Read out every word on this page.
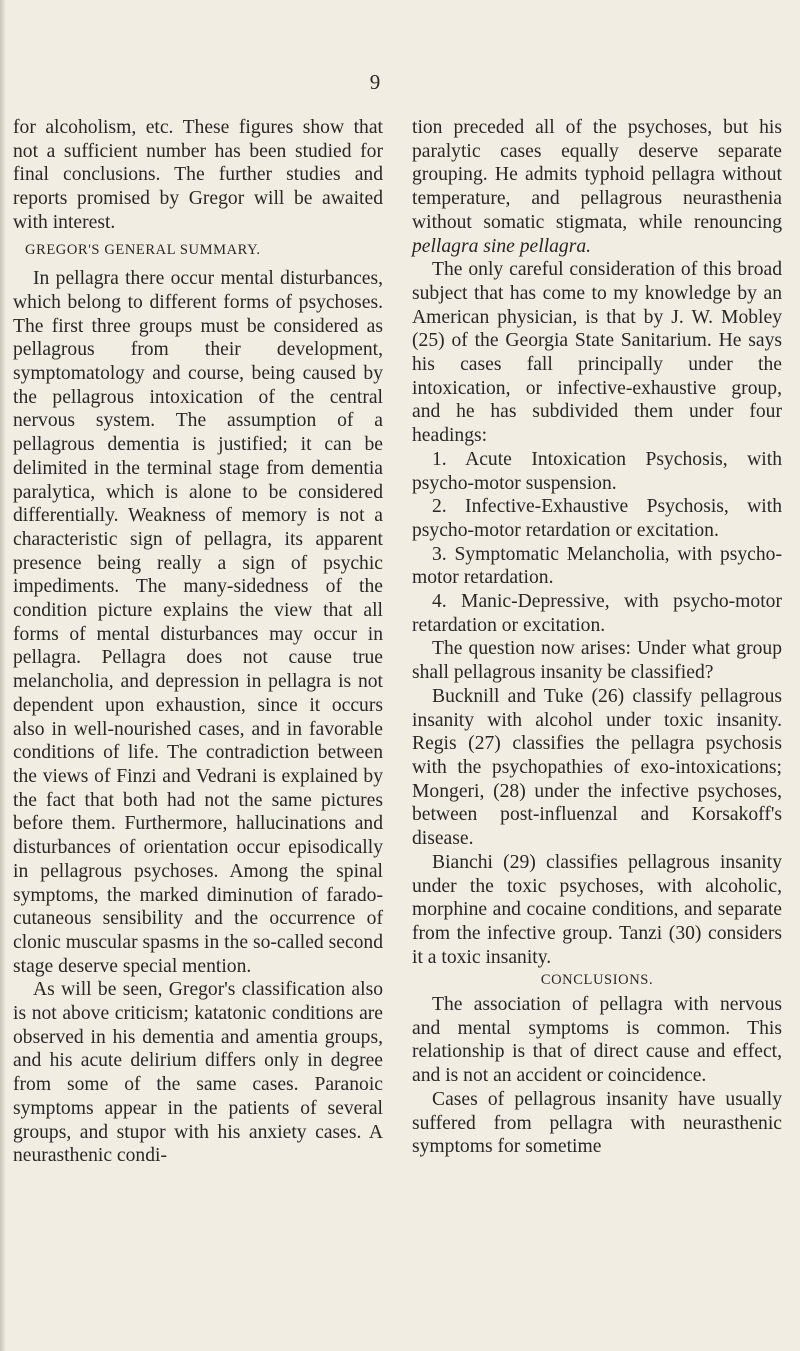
9

for alcoholism, etc. These figures show that not a sufficient number has been studied for final conclusions. The further studies and reports promised by Gregor will be awaited with interest.

GREGOR'S GENERAL SUMMARY.

In pellagra there occur mental disturbances, which belong to different forms of psychoses. The first three groups must be considered as pellagrous from their development, symptomatology and course, being caused by the pellagrous intoxication of the central nervous system. The assumption of a pellagrous dementia is justified; it can be delimited in the terminal stage from dementia paralytica, which is alone to be considered differentially. Weakness of memory is not a characteristic sign of pellagra, its apparent presence being really a sign of psychic impediments. The many-sidedness of the condition picture explains the view that all forms of mental disturbances may occur in pellagra. Pellagra does not cause true melancholia, and depression in pellagra is not dependent upon exhaustion, since it occurs also in well-nourished cases, and in favorable conditions of life. The contradiction between the views of Finzi and Vedrani is explained by the fact that both had not the same pictures before them. Furthermore, hallucinations and disturbances of orientation occur episodically in pellagrous psychoses. Among the spinal symptoms, the marked diminution of farado-cutaneous sensibility and the occurrence of clonic muscular spasms in the so-called second stage deserve special mention.

As will be seen, Gregor's classification also is not above criticism; katatonic conditions are observed in his dementia and amentia groups, and his acute delirium differs only in degree from some of the same cases. Paranoic symptoms appear in the patients of several groups, and stupor with his anxiety cases. A neurasthenic condi-

tion preceded all of the psychoses, but his paralytic cases equally deserve separate grouping. He admits typhoid pellagra without temperature, and pellagrous neurasthenia without somatic stigmata, while renouncing pellagra sine pellagra.

The only careful consideration of this broad subject that has come to my knowledge by an American physician, is that by J. W. Mobley (25) of the Georgia State Sanitarium. He says his cases fall principally under the intoxication, or infective-exhaustive group, and he has subdivided them under four headings:

1. Acute Intoxication Psychosis, with psycho-motor suspension.

2. Infective-Exhaustive Psychosis, with psycho-motor retardation or excitation.

3. Symptomatic Melancholia, with psycho-motor retardation.

4. Manic-Depressive, with psycho-motor retardation or excitation.

The question now arises: Under what group shall pellagrous insanity be classified?

Bucknill and Tuke (26) classify pellagrous insanity with alcohol under toxic insanity. Regis (27) classifies the pellagra psychosis with the psychopathies of exo-intoxications; Mongeri, (28) under the infective psychoses, between post-influenzal and Korsakoff's disease.

Bianchi (29) classifies pellagrous insanity under the toxic psychoses, with alcoholic, morphine and cocaine conditions, and separate from the infective group. Tanzi (30) considers it a toxic insanity.

CONCLUSIONS.

The association of pellagra with nervous and mental symptoms is common. This relationship is that of direct cause and effect, and is not an accident or coincidence.

Cases of pellagrous insanity have usually suffered from pellagra with neurasthenic symptoms for sometime
